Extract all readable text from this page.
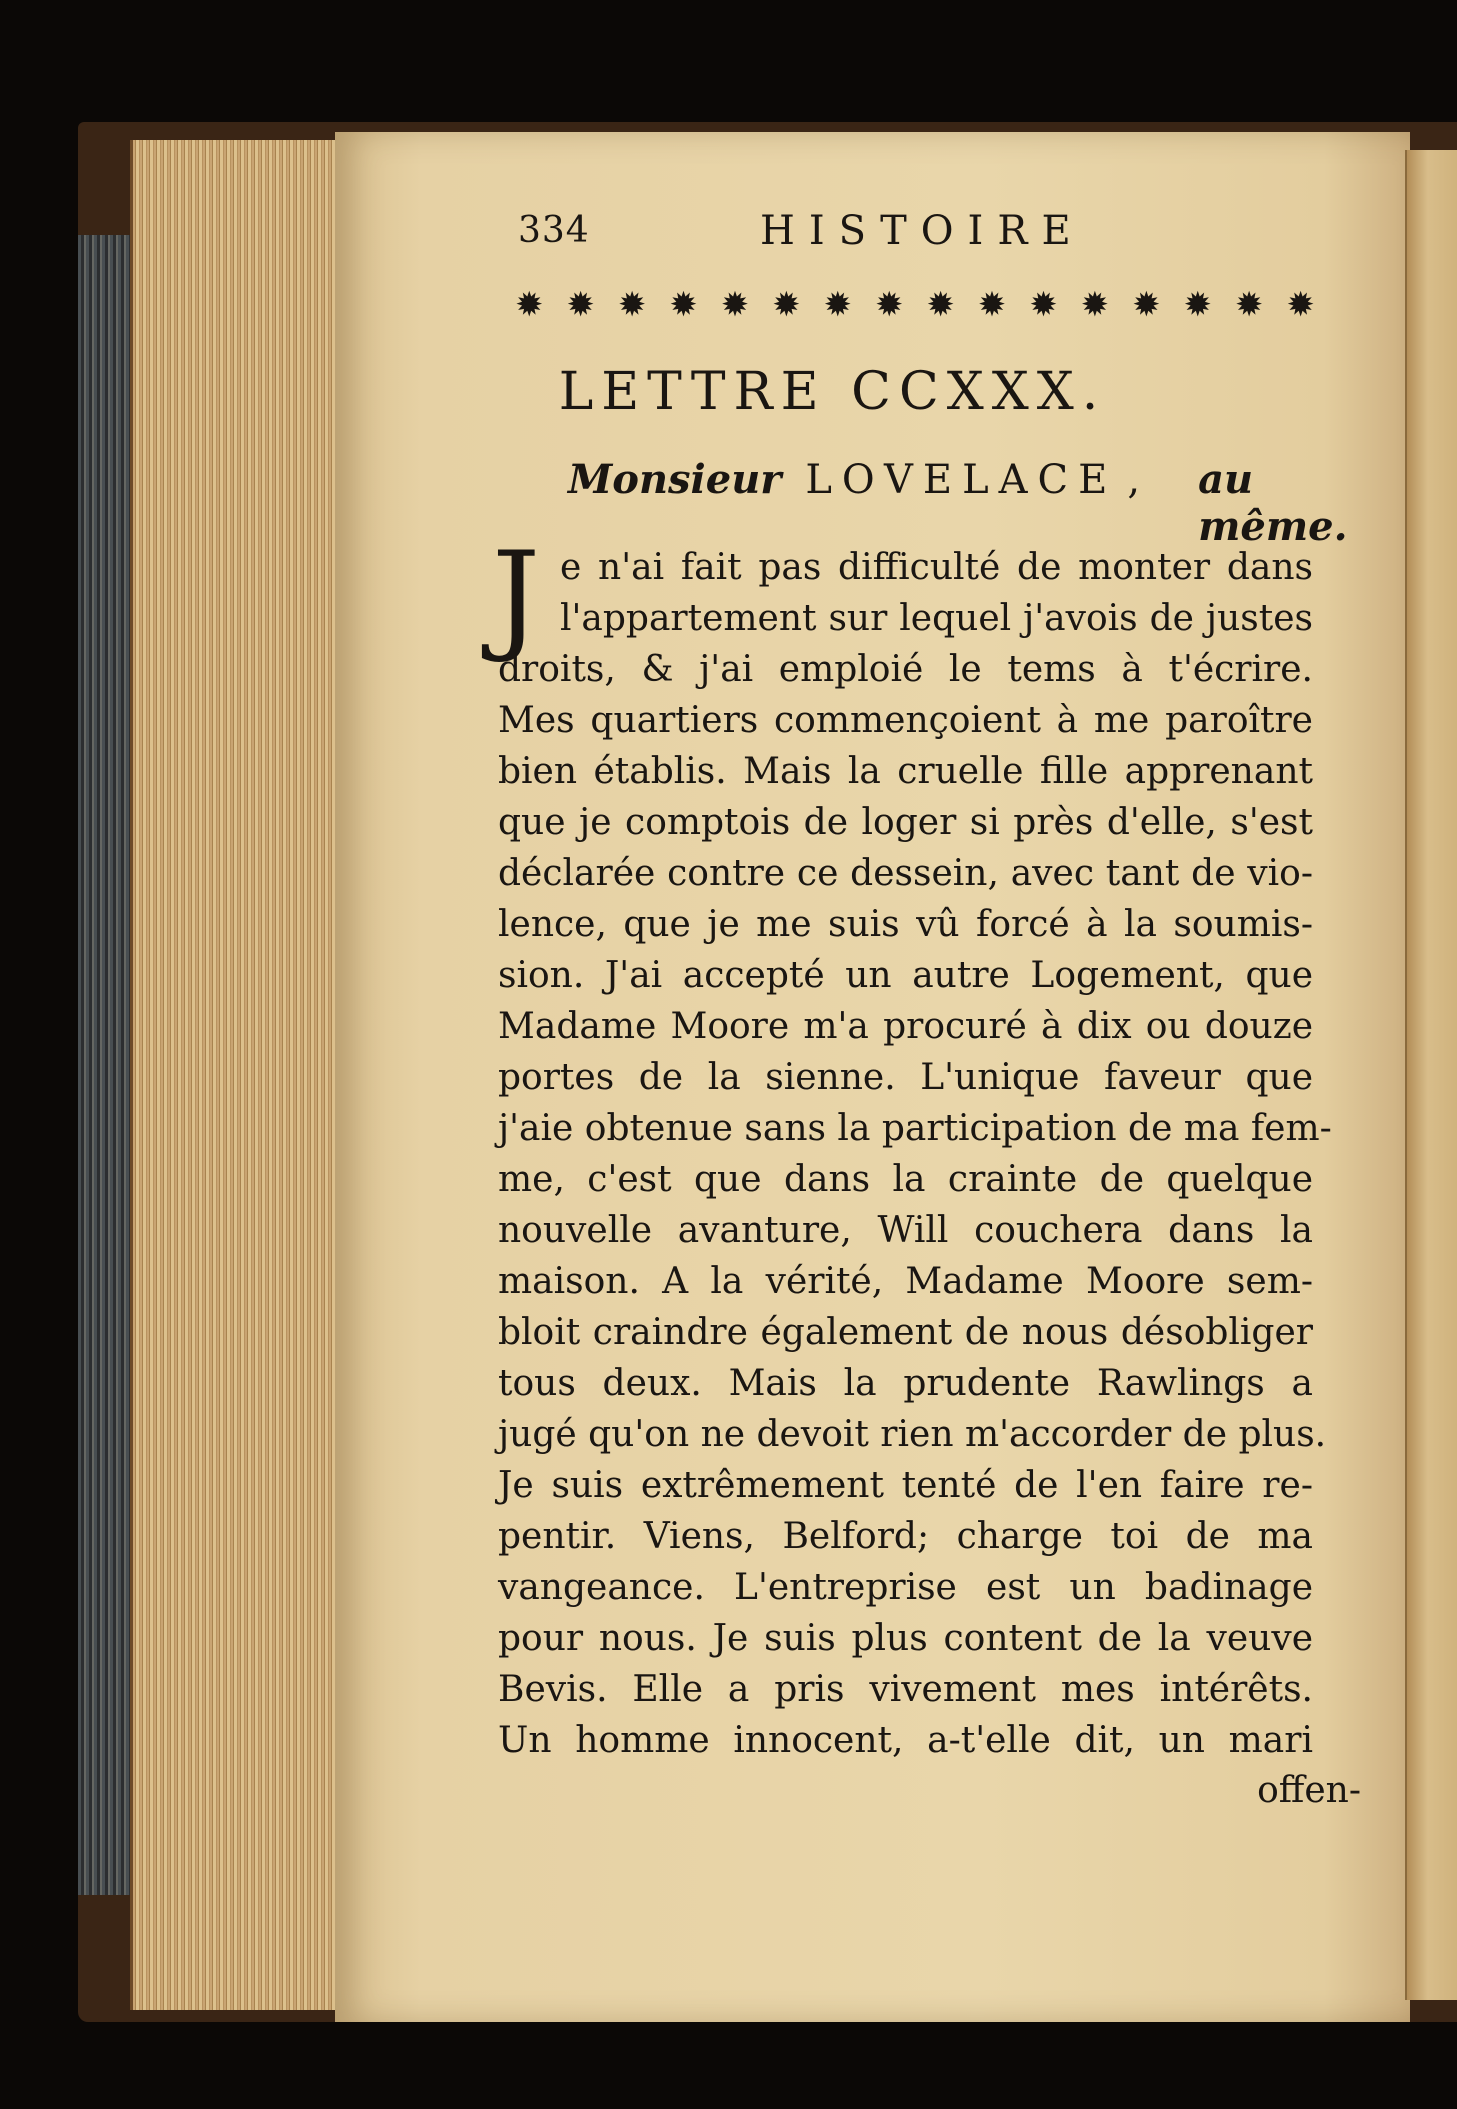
334	HISTOIRE
✹ ✹ ✹ ✹ ✹ ✹ ✹ ✹ ✹ ✹ ✹ ✹ ✹ ✹ ✹ ✹
LETTRE CCXXX.
Monsieur LOVELACE , au même.
J e n'ai fait pas difficulté de monter dans
l'appartement sur lequel j'avois de justes
droits, & j'ai emploié le tems à t'écrire.
Mes quartiers commençoient à me paroître
bien établis. Mais la cruelle fille apprenant
que je comptois de loger si près d'elle, s'est
déclarée contre ce dessein, avec tant de vio-
lence, que je me suis vû forcé à la soumis-
sion. J'ai accepté un autre Logement, que
Madame Moore m'a procuré à dix ou douze
portes de la sienne. L'unique faveur que
j'aie obtenue sans la participation de ma fem-
me, c'est que dans la crainte de quelque
nouvelle avanture, Will couchera dans la
maison. A la vérité, Madame Moore sem-
bloit craindre également de nous désobliger
tous deux. Mais la prudente Rawlings a
jugé qu'on ne devoit rien m'accorder de plus.
Je suis extrêmement tenté de l'en faire re-
pentir. Viens, Belford; charge toi de ma
vangeance. L'entreprise est un badinage
pour nous. Je suis plus content de la veuve
Bevis. Elle a pris vivement mes intérêts.
Un homme innocent, a-t'elle dit, un mari
offen-
